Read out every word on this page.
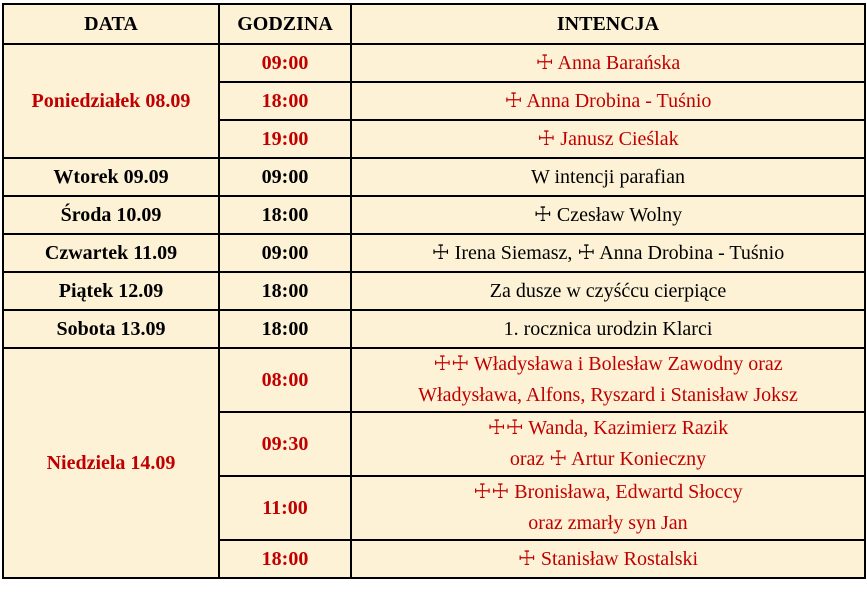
DATA	GODZINA	INTENCJA
Poniedziałek 08.09	09:00	☩ Anna Barańska

	18:00	☩ Anna Drobina - Tuśnio

	19:00	☩ Janusz Cieślak

Wtorek 09.09	09:00	W intencji parafian

Środa 10.09	18:00	☩ Czesław Wolny

Czwartek 11.09	09:00	☩ Irena Siemasz, ☩ Anna Drobina - Tuśnio

Piątek 12.09	18:00	Za dusze w czyśćcu cierpiące

Sobota 13.09	18:00	1. rocznica urodzin Klarci

Niedziela 14.09	08:00	☩☩ Władysława i Bolesław Zawodny oraz
Władysława, Alfons, Ryszard i Stanisław Joksz

	09:30	☩☩ Wanda, Kazimierz Razik
oraz ☩ Artur Konieczny

	11:00	☩☩ Bronisława, Edwartd Słoccy
oraz zmarły syn Jan

	18:00	☩ Stanisław Rostalski
